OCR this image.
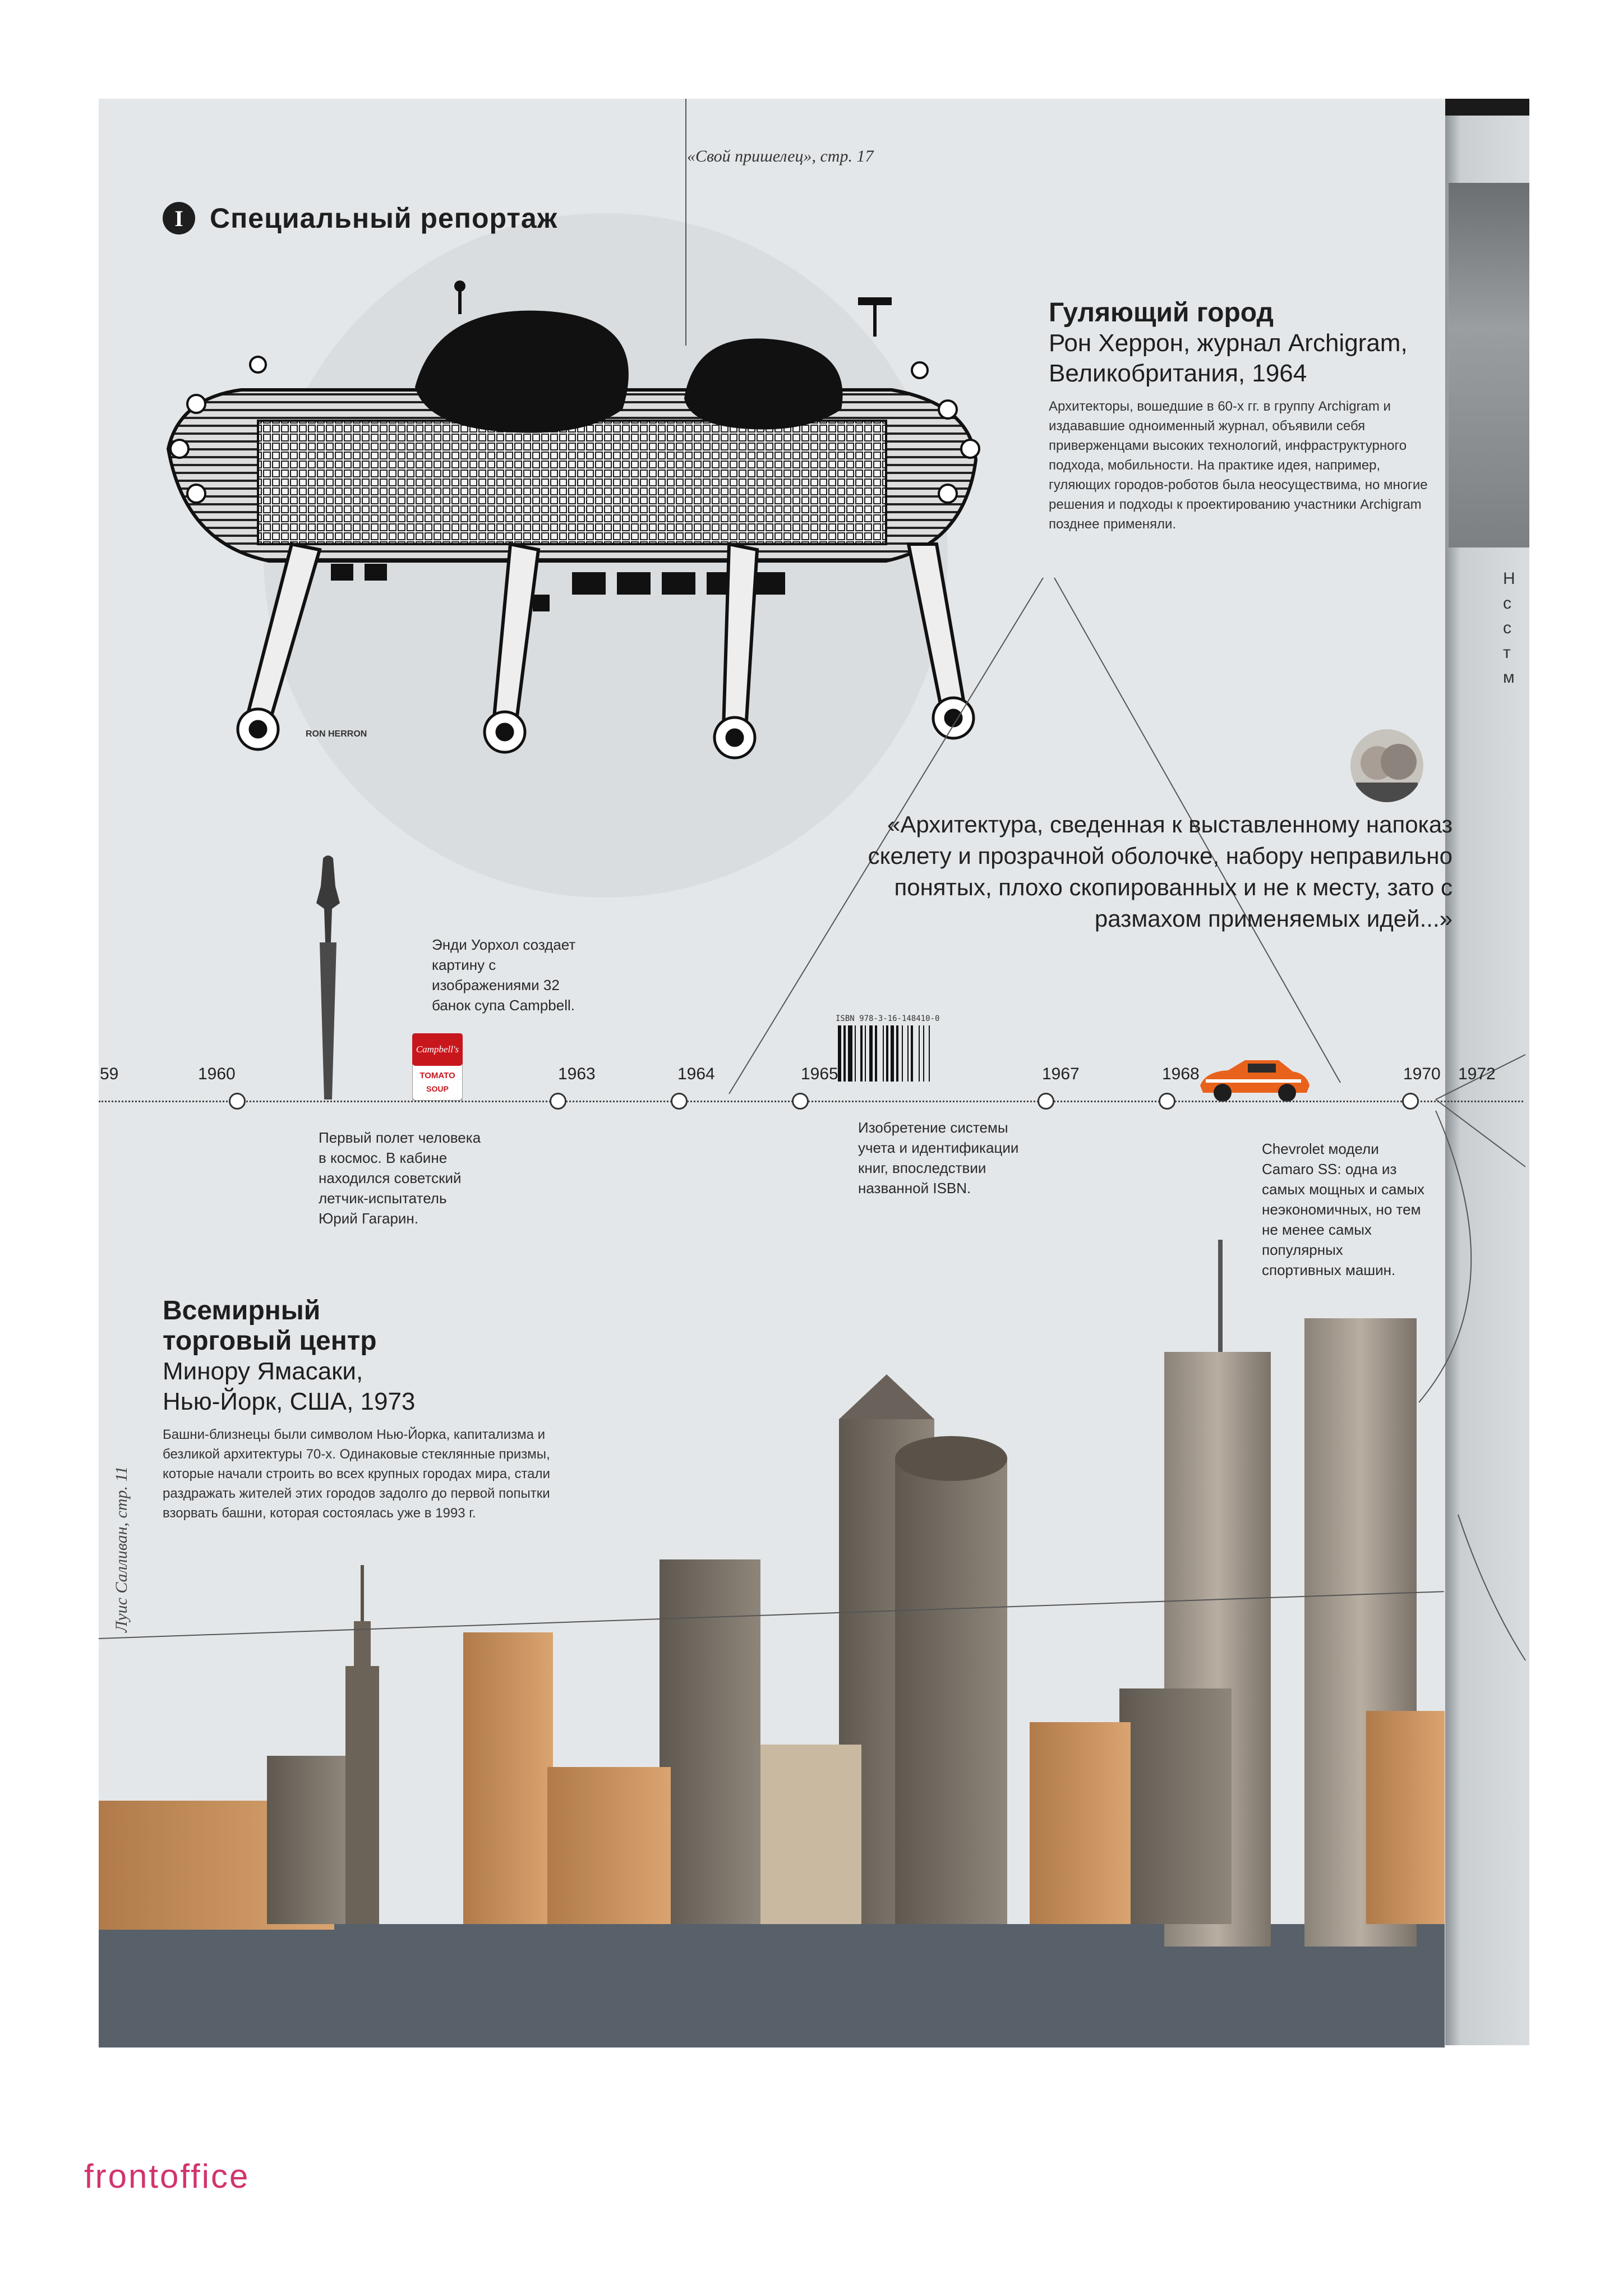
Н
с
с
т
м
«Свой пришелец», стр. 17
I Специальный репортаж
RON HERRON
Гуляющий город

Рон Херрон, журнал Archigram,

Великобритания, 1964

Архитекторы, вошедшие в 60-х гг. в группу Archigram и издававшие одноименный журнал, объявили себя приверженцами высоких технологий, инфраструктурного подхода, мобильности. На практике идея, например, гуляющих городов-роботов была неосуществима, но многие решения и подходы к проектированию участники Archigram позднее применяли.
«Архитектура, сведенная к выставленному напоказ
скелету и прозрачной оболочке, набору неправильно
понятых, плохо скопированных и не к месту, зато с
размахом применяемых идей...»
Campbell's
TOMATO
SOUP
ISBN 978-3-16-148410-0
Энди Уорхол создает картину с изображениями 32 банок супа Campbell.
Первый полет человека в космос. В кабине находился советский летчик-испытатель Юрий Гагарин.
Изобретение системы учета и идентификации книг, впоследствии названной ISBN.
Chevrolet модели Camaro SS: одна из самых мощных и самых неэкономичных, но тем не менее самых популярных спортивных машин.
59	1960	1963	1964	1965	1967	1968	1970 1972
Всемирный
торговый центр

Минору Ямасаки,

Нью-Йорк, США, 1973

Башни-близнецы были символом Нью-Йорка, капитализма и безликой архитектуры 70-х. Одинаковые стеклянные призмы, которые начали строить во всех крупных городах мира, стали раздражать жителей этих городов задолго до первой попытки взорвать башни, которая состоялась уже в 1993 г.
Луис Салливан, стр. 11
frontoffice
